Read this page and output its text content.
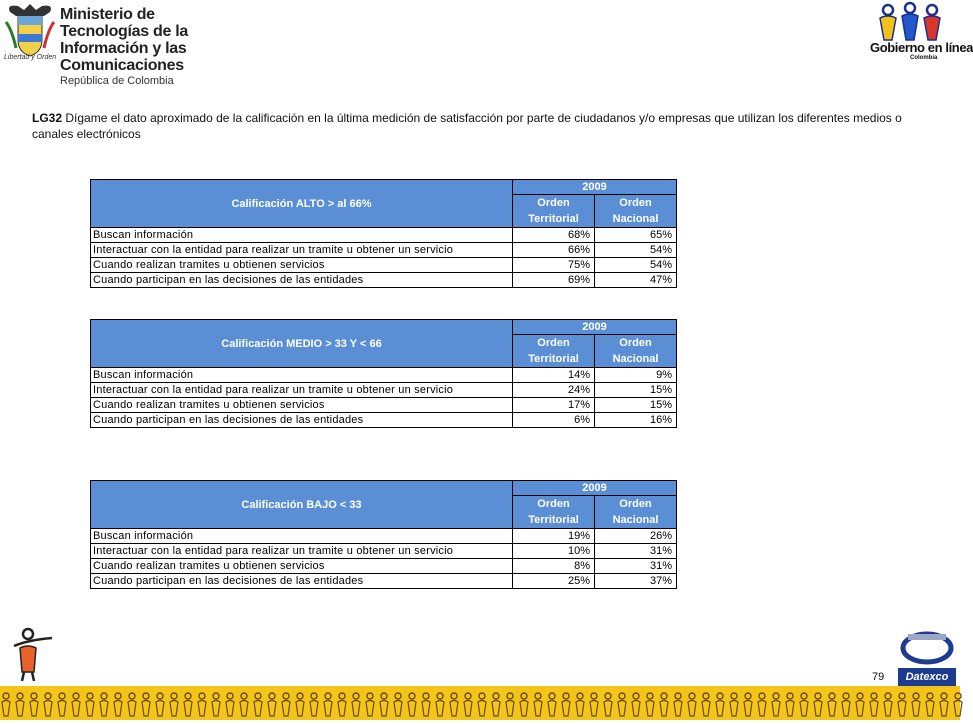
Libertad y Orden
Ministerio de Tecnologías de la
Información y las Comunicaciones
República de Colombia
Gobierno en línea
Colombia
LG32 Dígame el dato aproximado de la calificación en la última medición de satisfacción por parte de ciudadanos y/o empresas que utilizan los diferentes medios o canales electrónicos
Calificación ALTO > al 66%	2009	
	Orden Territorial	Orden Nacional
Buscan información	68%	65%
Interactuar con la entidad para realizar un tramite u obtener un servicio	66%	54%
Cuando realizan tramites u obtienen servicios	75%	54%
Cuando participan en las decisiones de las entidades	69%	47%
Calificación MEDIO > 33 Y < 66	2009	
	Orden Territorial	Orden Nacional
Buscan información	14%	9%
Interactuar con la entidad para realizar un tramite u obtener un servicio	24%	15%
Cuando realizan tramites u obtienen servicios	17%	15%
Cuando participan en las decisiones de las entidades	6%	16%
Calificación BAJO < 33	2009	
	Orden Territorial	Orden Nacional
Buscan información	19%	26%
Interactuar con la entidad para realizar un tramite u obtener un servicio	10%	31%
Cuando realizan tramites u obtienen servicios	8%	31%
Cuando participan en las decisiones de las entidades	25%	37%
79	Datexco
